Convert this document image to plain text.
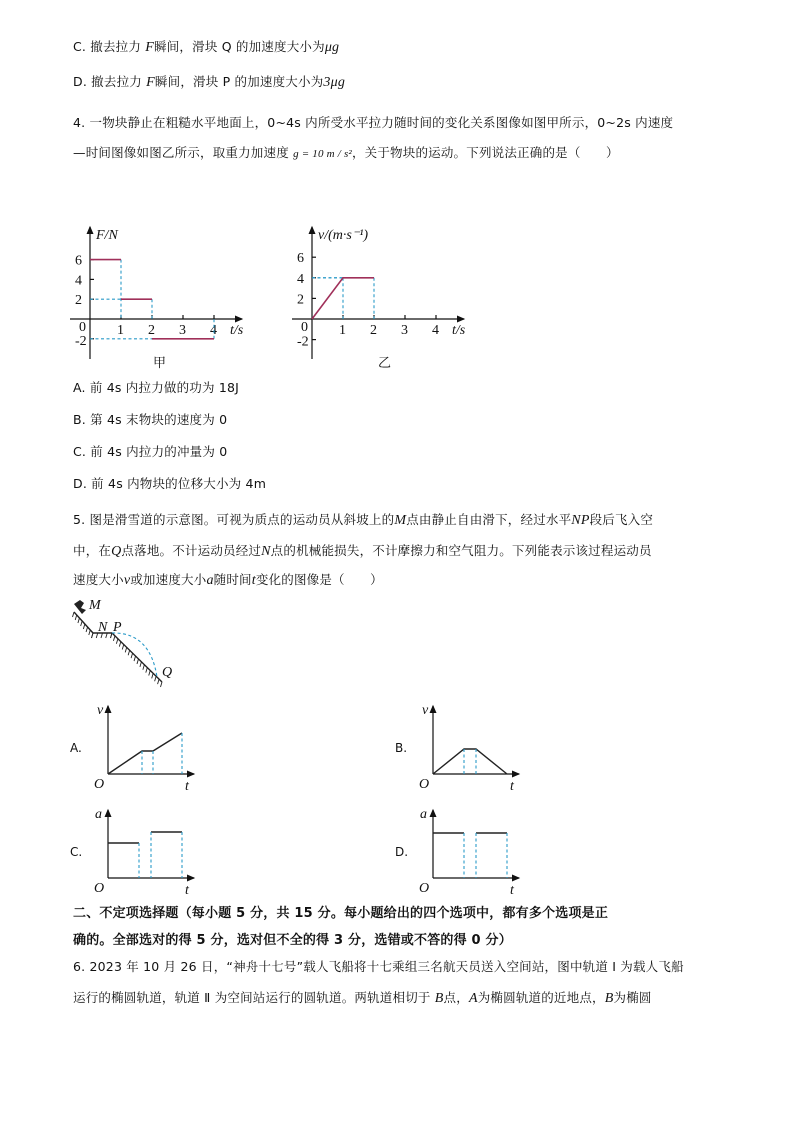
C. 撤去拉力 F瞬间，滑块 Q 的加速度大小为μg
D. 撤去拉力 F瞬间，滑块 P 的加速度大小为3μg
4. 一物块静止在粗糙水平地面上，0~4s 内所受水平拉力随时间的变化关系图像如图甲所示，0~2s 内速度
—时间图像如图乙所示，取重力加速度 g = 10 m / s²，关于物块的运动。下列说法正确的是（　　）
F/N
t/s
0
6
4
2
-2
1 2 3 4
甲
v/(m·s⁻¹)
t/s
0
6
4
2
-2
1 2 3 4
乙
A. 前 4s 内拉力做的功为 18J
B. 第 4s 末物块的速度为 0
C. 前 4s 内拉力的冲量为 0
D. 前 4s 内物块的位移大小为 4m
5. 图是滑雪道的示意图。可视为质点的运动员从斜坡上的M点由静止自由滑下，经过水平NP段后飞入空
中，在Q点落地。不计运动员经过N点的机械能损失，不计摩擦力和空气阻力。下列能表示该过程运动员
速度大小v或加速度大小a随时间t变化的图像是（　　）
M
N P
Q
A.
v
O	t
B.
v
O	t
C.
a
O	t
D.
a
O	t
二、不定项选择题（每小题 5 分，共 15 分。每小题给出的四个选项中，都有多个选项是正
确的。全部选对的得 5 分，选对但不全的得 3 分，选错或不答的得 0 分）
6. 2023 年 10 月 26 日，“神舟十七号”载人飞船将十七乘组三名航天员送入空间站，图中轨道 Ⅰ 为载人飞船
运行的椭圆轨道，轨道 Ⅱ 为空间站运行的圆轨道。两轨道相切于 B点，A为椭圆轨道的近地点，B为椭圆
